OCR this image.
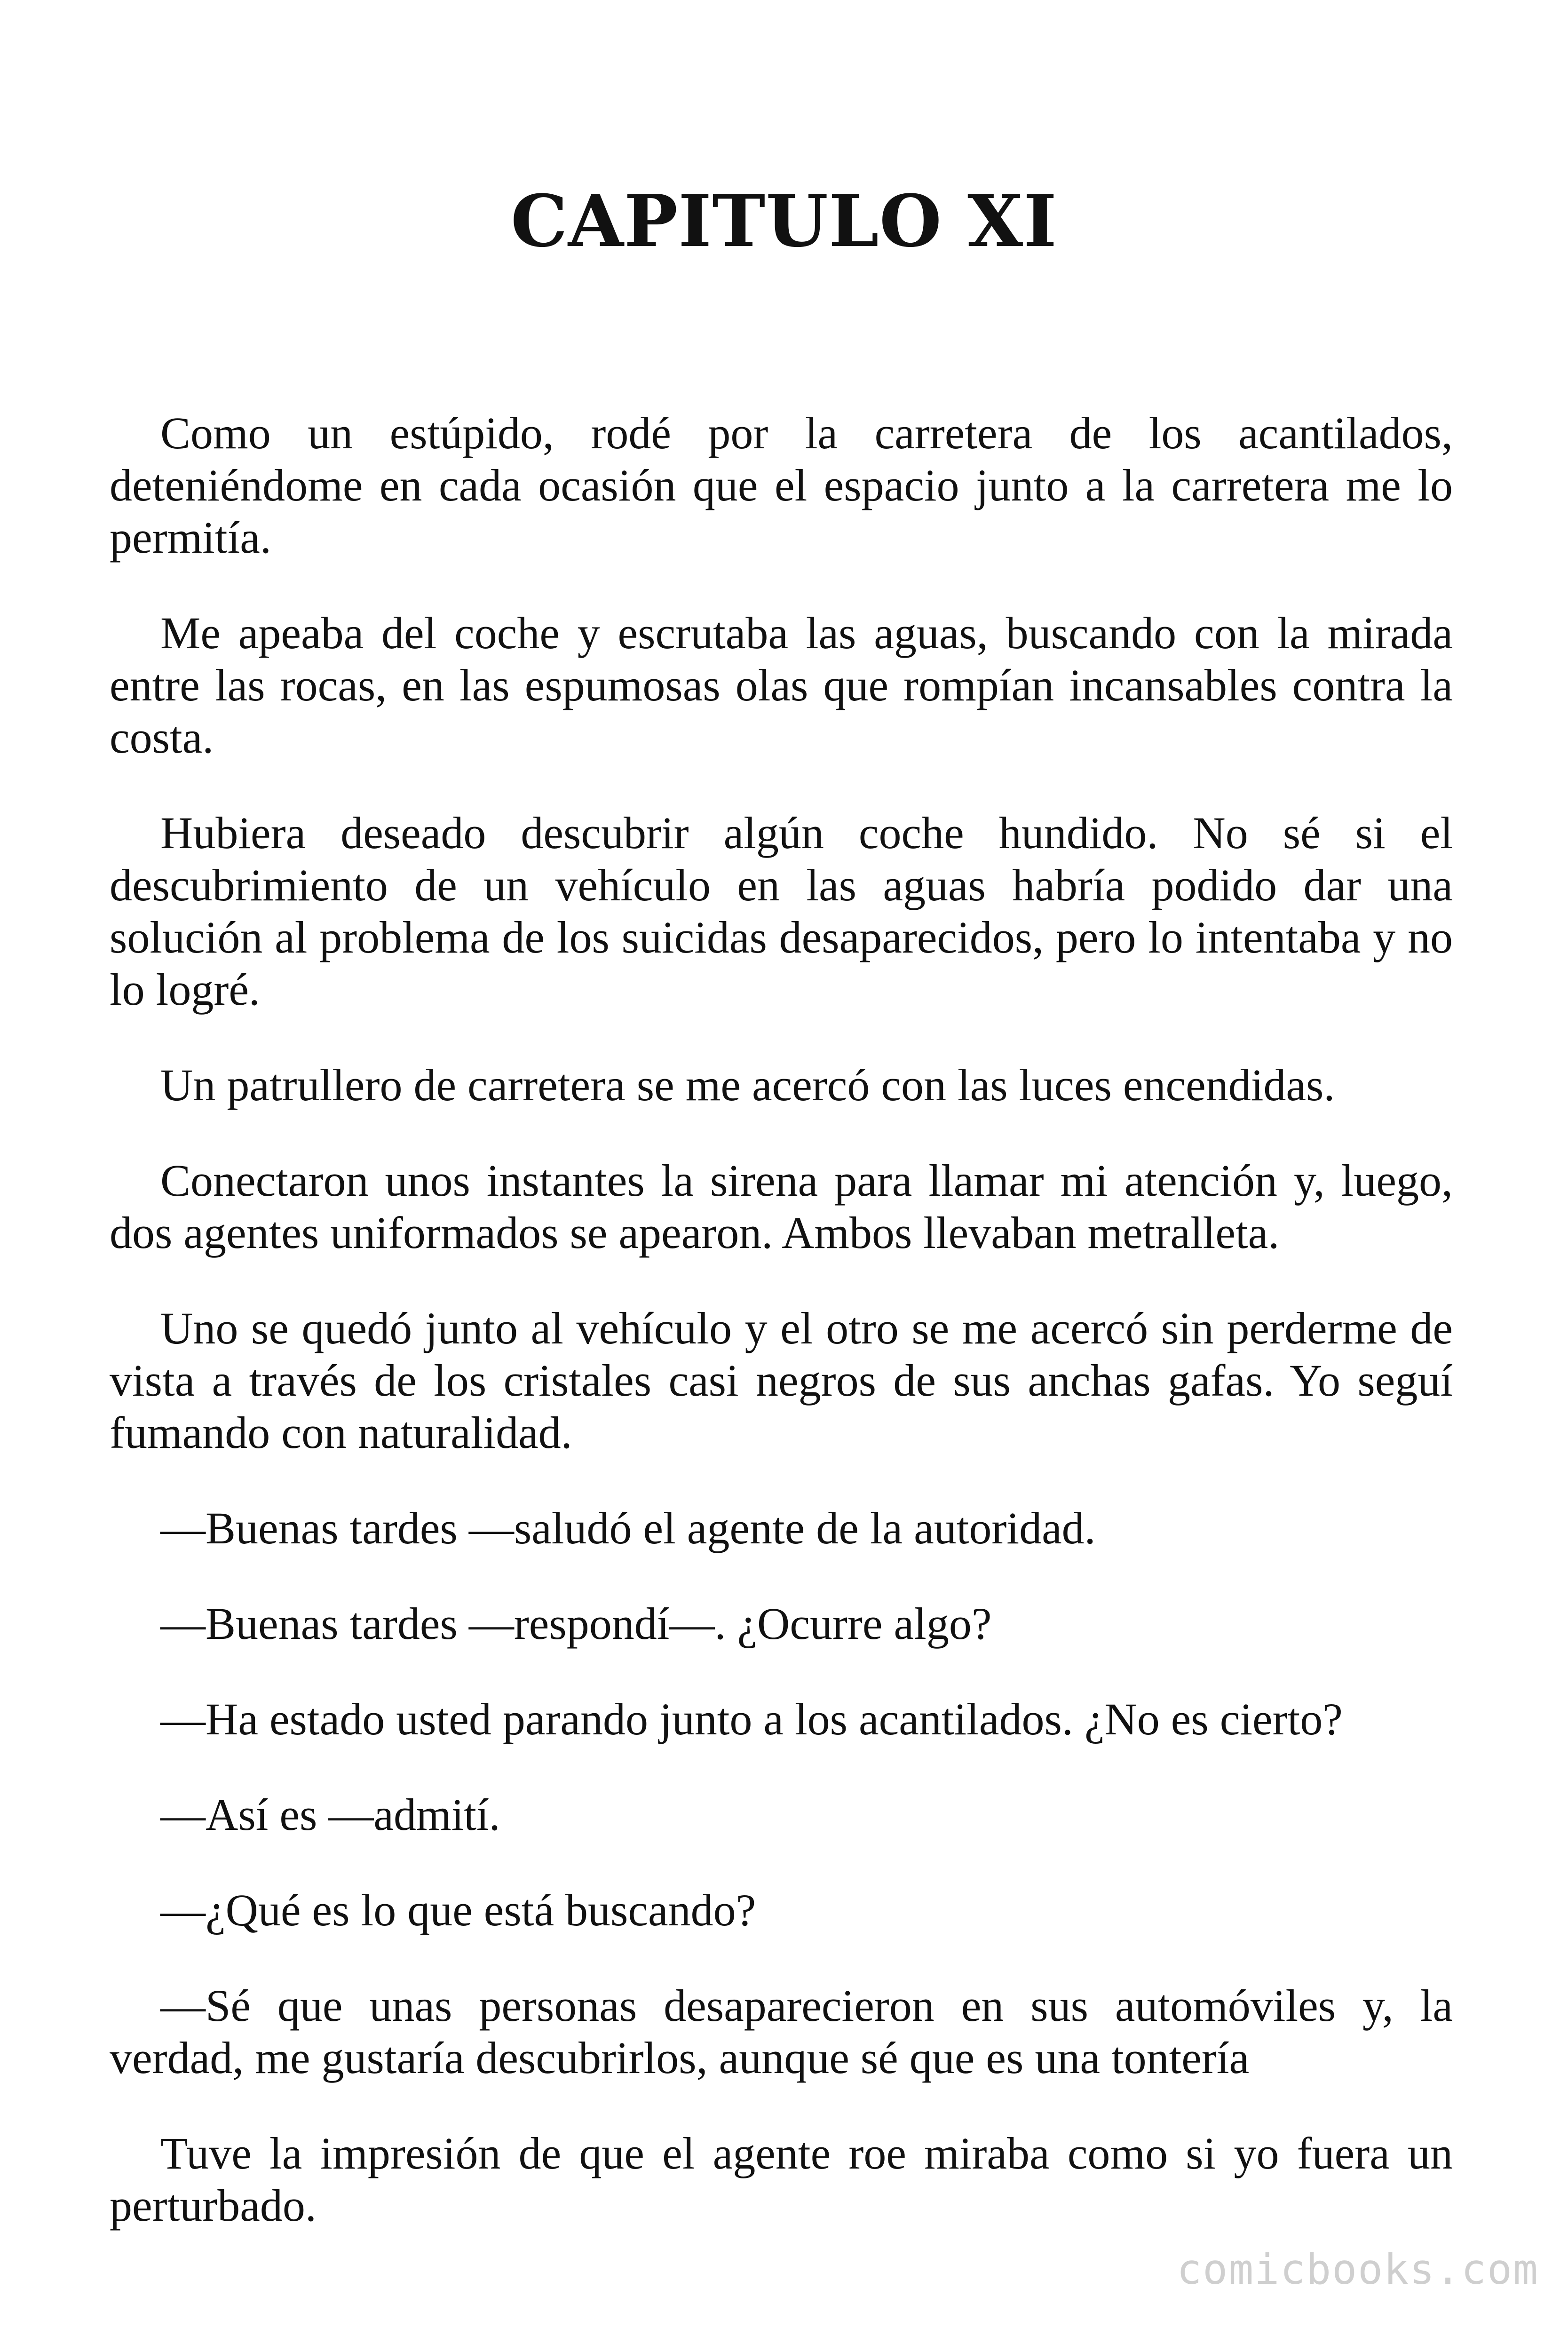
CAPITULO XI

Como un estúpido, rodé por la carretera de los acantilados, deteniéndome en cada ocasión que el espacio junto a la carretera me lo permitía.

Me apeaba del coche y escrutaba las aguas, buscando con la mirada entre las rocas, en las espumosas olas que rompían incansables contra la costa.

Hubiera deseado descubrir algún coche hundido. No sé si el descubrimiento de un vehículo en las aguas habría podido dar una solución al problema de los suicidas desaparecidos, pero lo intentaba y no lo logré.

Un patrullero de carretera se me acercó con las luces encendidas.

Conectaron unos instantes la sirena para llamar mi atención y, luego, dos agentes uniformados se apearon. Ambos llevaban metralleta.

Uno se quedó junto al vehículo y el otro se me acercó sin perderme de vista a través de los cristales casi negros de sus anchas gafas. Yo seguí fumando con naturalidad.

—Buenas tardes —saludó el agente de la autoridad.

—Buenas tardes —respondí—. ¿Ocurre algo?

—Ha estado usted parando junto a los acantilados. ¿No es cierto?

—Así es —admití.

—¿Qué es lo que está buscando?

—Sé que unas personas desaparecieron en sus automóviles y, la verdad, me gustaría descubrirlos, aunque sé que es una tontería

Tuve la impresión de que el agente roe miraba como si yo fuera un perturbado.

comicbooks.com
